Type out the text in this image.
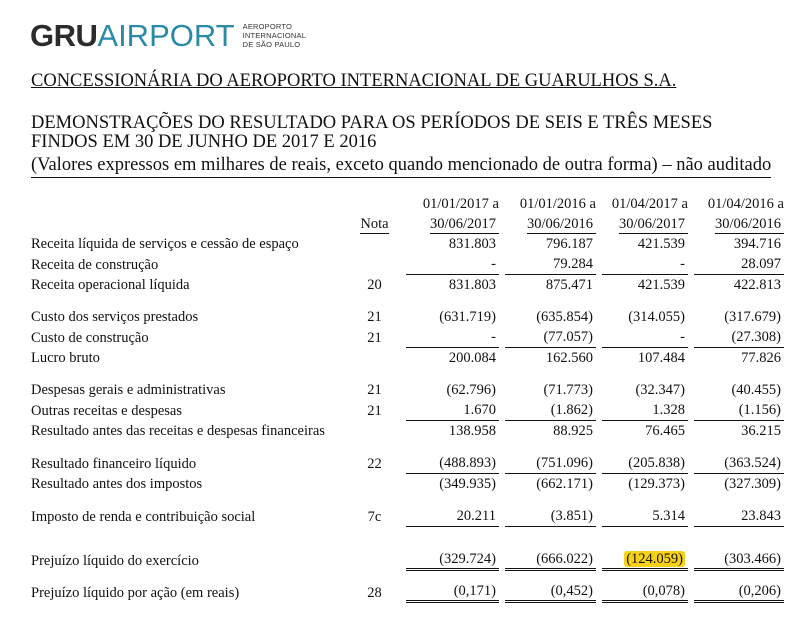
GRUAIRPORT AEROPORTO
INTERNACIONAL
DE SÃO PAULO
CONCESSIONÁRIA DO AEROPORTO INTERNACIONAL DE GUARULHOS S.A.
DEMONSTRAÇÕES DO RESULTADO PARA OS PERÍODOS DE SEIS E TRÊS MESES
FINDOS EM 30 DE JUNHO DE 2017 E 2016
(Valores expressos em milhares de reais, exceto quando mencionado de outra forma) – não auditado
		01/01/2017 a	01/01/2016 a	01/04/2017 a	01/04/2016 a
	Nota	30/06/2017	30/06/2016	30/06/2017	30/06/2016
Receita líquida de serviços e cessão de espaço		831.803	796.187	421.539	394.716

Receita de construção		-	79.284	-	28.097

Receita operacional líquida	20	831.803	875.471	421.539	422.813

Custo dos serviços prestados	21	(631.719)	(635.854)	(314.055)	(317.679)

Custo de construção	21	-	(77.057)	-	(27.308)

Lucro bruto		200.084	162.560	107.484	77.826

Despesas gerais e administrativas	21	(62.796)	(71.773)	(32.347)	(40.455)

Outras receitas e despesas	21	1.670	(1.862)	1.328	(1.156)

Resultado antes das receitas e despesas financeiras		138.958	88.925	76.465	36.215

Resultado financeiro líquido	22	(488.893)	(751.096)	(205.838)	(363.524)

Resultado antes dos impostos		(349.935)	(662.171)	(129.373)	(327.309)

Imposto de renda e contribuição social	7c	20.211	(3.851)	5.314	23.843

Prejuízo líquido do exercício		(329.724)	(666.022)	(124.059)	(303.466)

Prejuízo líquido por ação (em reais)	28	(0,171)	(0,452)	(0,078)	(0,206)
